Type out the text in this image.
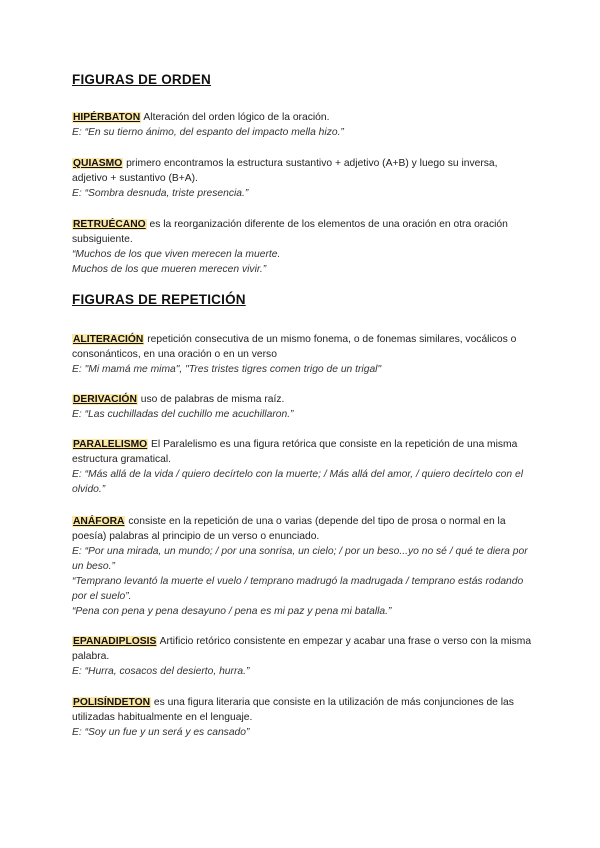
FIGURAS DE ORDEN
HIPÉRBATON Alteración del orden lógico de la oración.
E: “En su tierno ánimo, del espanto del impacto mella hizo.”
QUIASMO primero encontramos la estructura sustantivo + adjetivo (A+B) y luego su inversa, adjetivo + sustantivo (B+A).
E: “Sombra desnuda, triste presencia.”
RETRUÉCANO es la reorganización diferente de los elementos de una oración en otra oración subsiguiente.
“Muchos de los que viven merecen la muerte.
Muchos de los que mueren merecen vivir.”
FIGURAS DE REPETICIÓN
ALITERACIÓN repetición consecutiva de un mismo fonema, o de fonemas similares, vocálicos o consonánticos, en una oración o en un verso
E: "Mi mamá me mima", "Tres tristes tigres comen trigo de un trigal"
DERIVACIÓN uso de palabras de misma raíz.
E: “Las cuchilladas del cuchillo me acuchillaron.”
PARALELISMO El Paralelismo es una figura retórica que consiste en la repetición de una misma estructura gramatical.
E: “Más allá de la vida / quiero decírtelo con la muerte; / Más allá del amor, / quiero decírtelo con el olvido.”
ANÁFORA consiste en la repetición de una o varias (depende del tipo de prosa o normal en la poesía) palabras al principio de un verso o enunciado.
E: “Por una mirada, un mundo; / por una sonrisa, un cielo; / por un beso...yo no sé / qué te diera por un beso.”
“Temprano levantó la muerte el vuelo / temprano madrugó la madrugada / temprano estás rodando por el suelo”.
“Pena con pena y pena desayuno / pena es mi paz y pena mi batalla.”
EPANADIPLOSIS Artificio retórico consistente en empezar y acabar una frase o verso con la misma palabra.
E: “Hurra, cosacos del desierto, hurra.”
POLISÍNDETON es una figura literaria que consiste en la utilización de más conjunciones de las utilizadas habitualmente en el lenguaje.
E: “Soy un fue y un será y es cansado”
